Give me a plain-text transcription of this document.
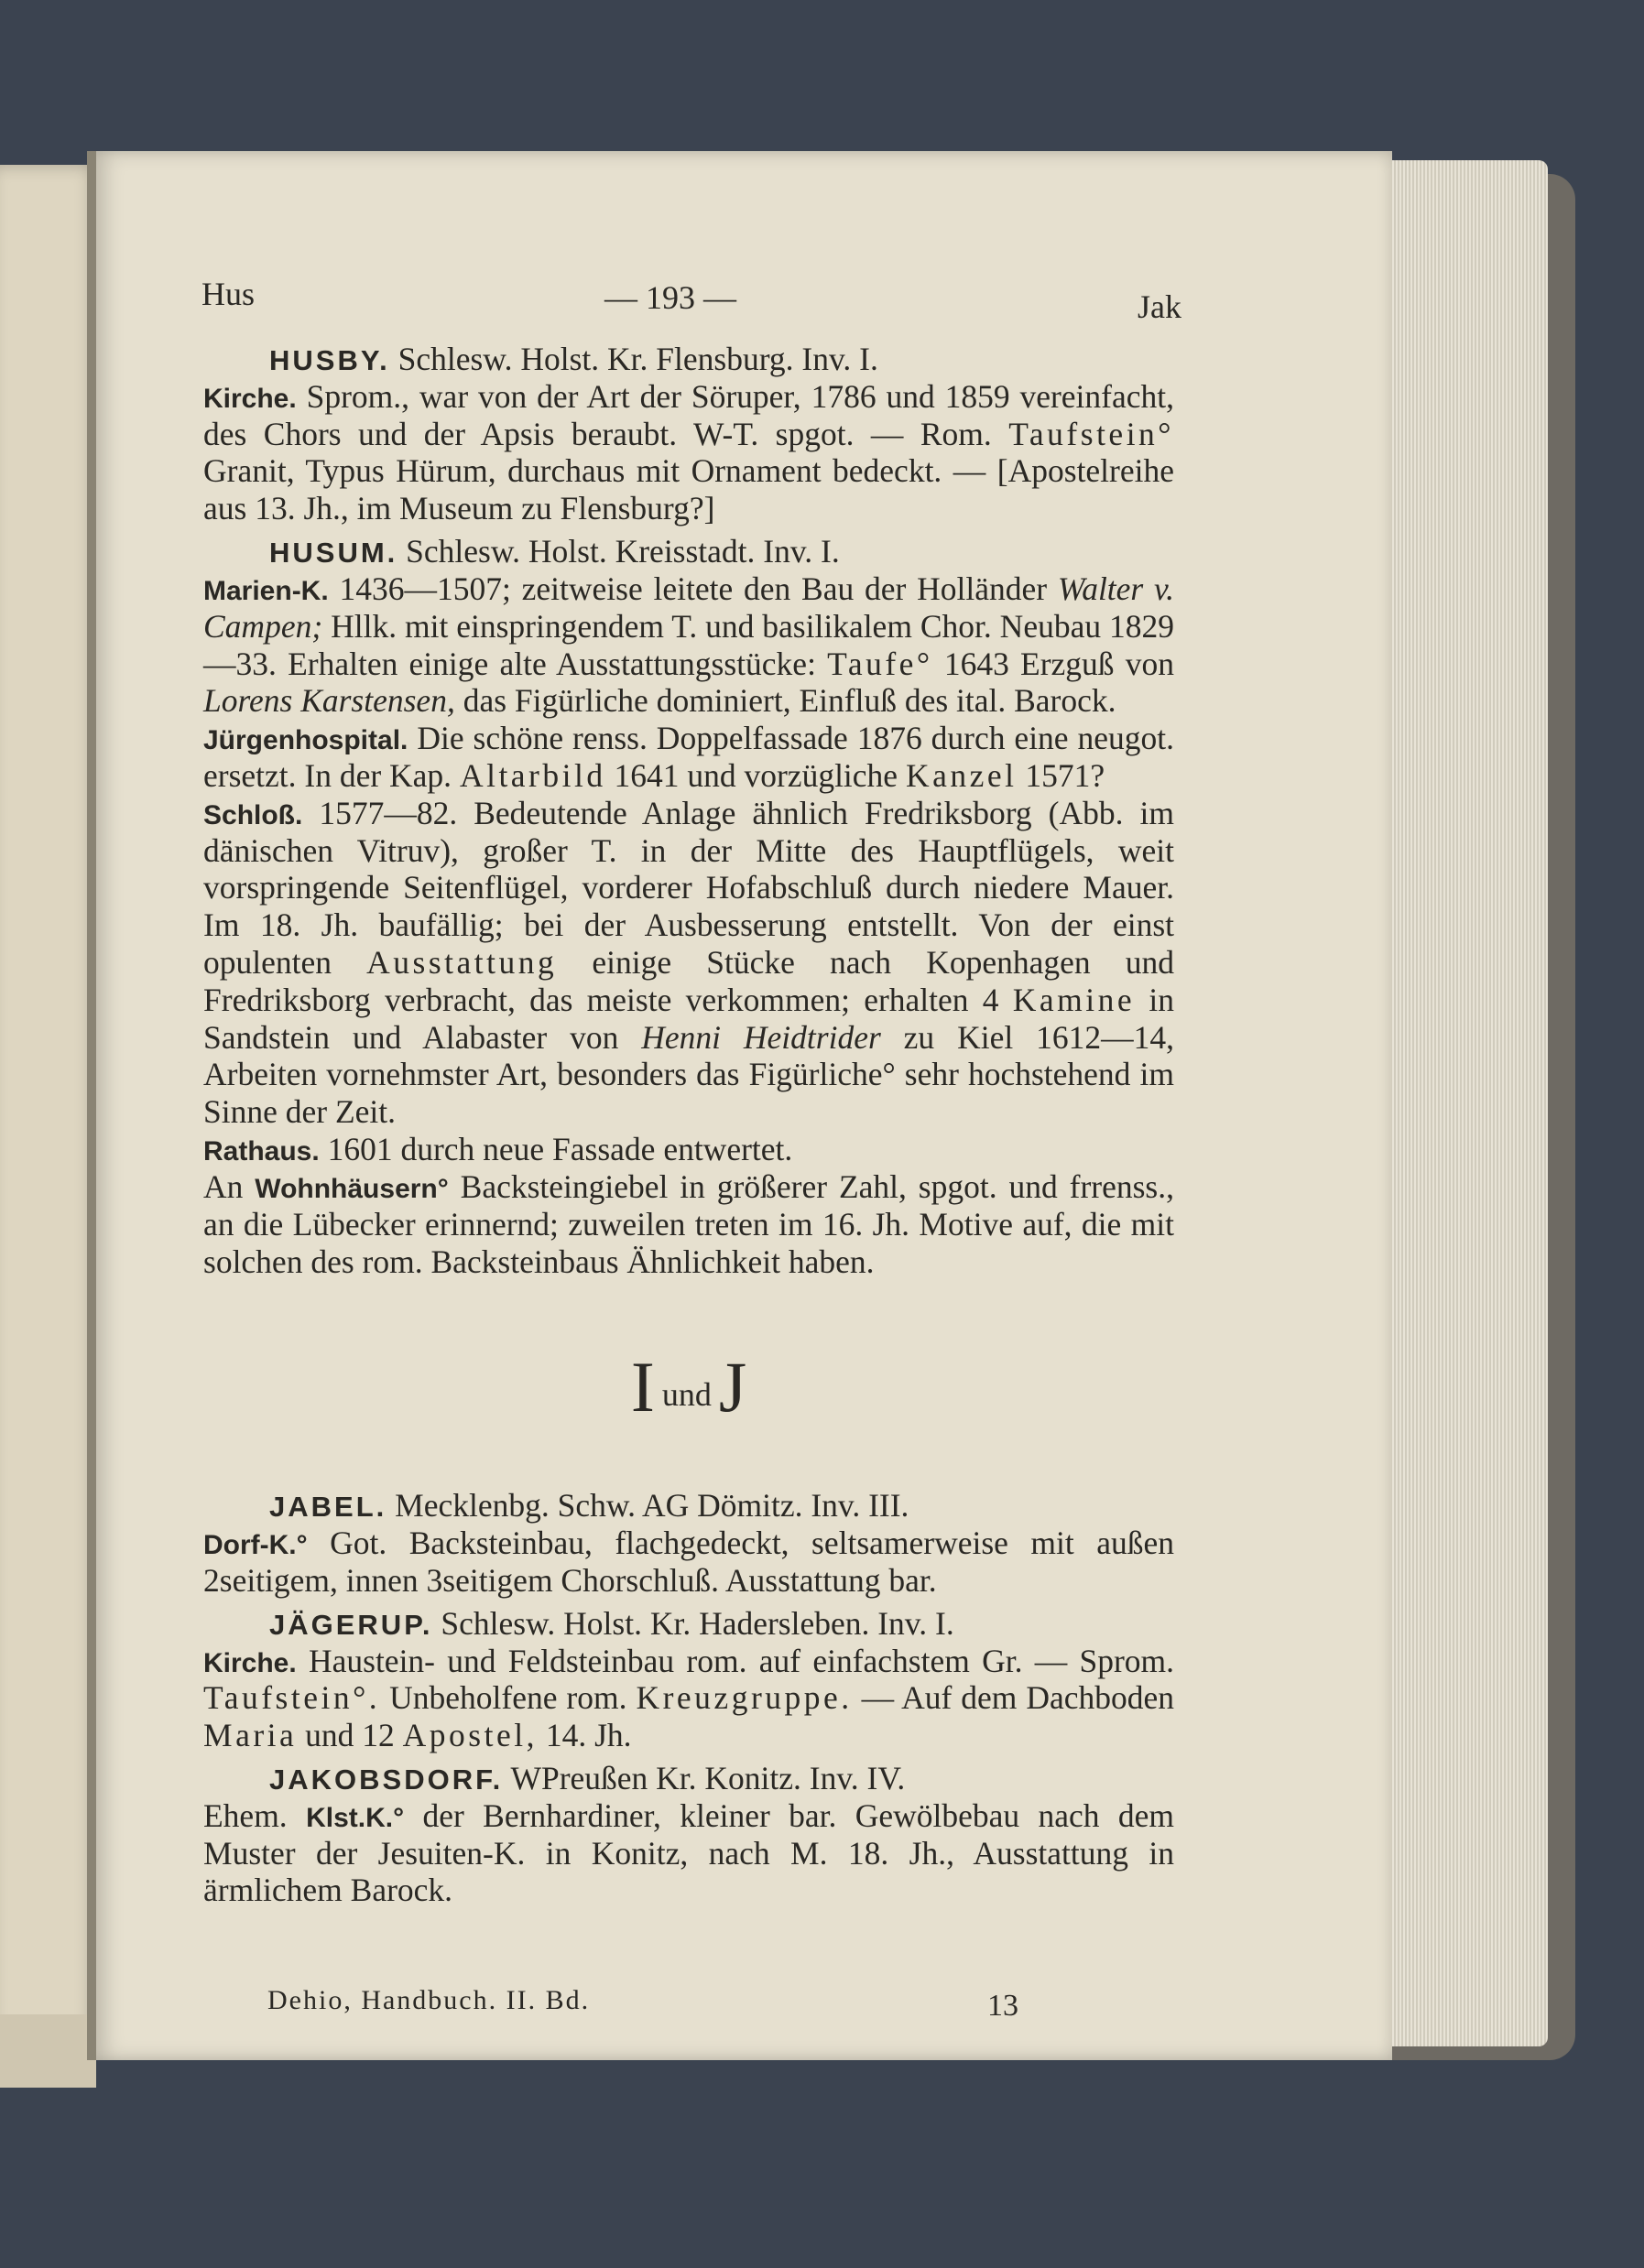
Hus	— 193 —	Jak

HUSBY. Schlesw. Holst. Kr. Flensburg. Inv. I.

Kirche. Sprom., war von der Art der Söruper, 1786 und 1859 vereinfacht, des Chors und der Apsis beraubt. W-T. spgot. — Rom. Taufstein° Granit, Typus Hürum, durchaus mit Ornament bedeckt. — [Apostelreihe aus 13. Jh., im Museum zu Flensburg?]

HUSUM. Schlesw. Holst. Kreisstadt. Inv. I.

Marien-K. 1436—1507; zeitweise leitete den Bau der Holländer Walter v. Campen; Hllk. mit einspringendem T. und basilikalem Chor. Neubau 1829—33. Erhalten einige alte Ausstattungsstücke: Taufe° 1643 Erzguß von Lorens Karstensen, das Figürliche dominiert, Einfluß des ital. Barock.

Jürgenhospital. Die schöne renss. Doppelfassade 1876 durch eine neugot. ersetzt. In der Kap. Altarbild 1641 und vorzügliche Kanzel 1571?

Schloß. 1577—82. Bedeutende Anlage ähnlich Fredriksborg (Abb. im dänischen Vitruv), großer T. in der Mitte des Hauptflügels, weit vorspringende Seitenflügel, vorderer Hofabschluß durch niedere Mauer. Im 18. Jh. baufällig; bei der Ausbesserung entstellt. Von der einst opulenten Ausstattung einige Stücke nach Kopenhagen und Fredriksborg verbracht, das meiste verkommen; erhalten 4 Kamine in Sandstein und Alabaster von Henni Heidtrider zu Kiel 1612—14, Arbeiten vornehmster Art, besonders das Figürliche° sehr hochstehend im Sinne der Zeit.

Rathaus. 1601 durch neue Fassade entwertet.

An Wohnhäusern° Backsteingiebel in größerer Zahl, spgot. und frrenss., an die Lübecker erinnernd; zuweilen treten im 16. Jh. Motive auf, die mit solchen des rom. Backsteinbaus Ähnlichkeit haben.

Iund J

JABEL. Mecklenbg. Schw. AG Dömitz. Inv. III.

Dorf-K.° Got. Backsteinbau, flachgedeckt, seltsamerweise mit außen 2seitigem, innen 3seitigem Chorschluß. Ausstattung bar.

JÄGERUP. Schlesw. Holst. Kr. Hadersleben. Inv. I.

Kirche. Haustein- und Feldsteinbau rom. auf einfachstem Gr. — Sprom. Taufstein°. Unbeholfene rom. Kreuzgruppe. — Auf dem Dachboden Maria und 12 Apostel, 14. Jh.

JAKOBSDORF. WPreußen Kr. Konitz. Inv. IV.

Ehem. Klst.K.° der Bernhardiner, kleiner bar. Gewölbebau nach dem Muster der Jesuiten-K. in Konitz, nach M. 18. Jh., Ausstattung in ärmlichem Barock.

Dehio, Handbuch. II. Bd.	13
